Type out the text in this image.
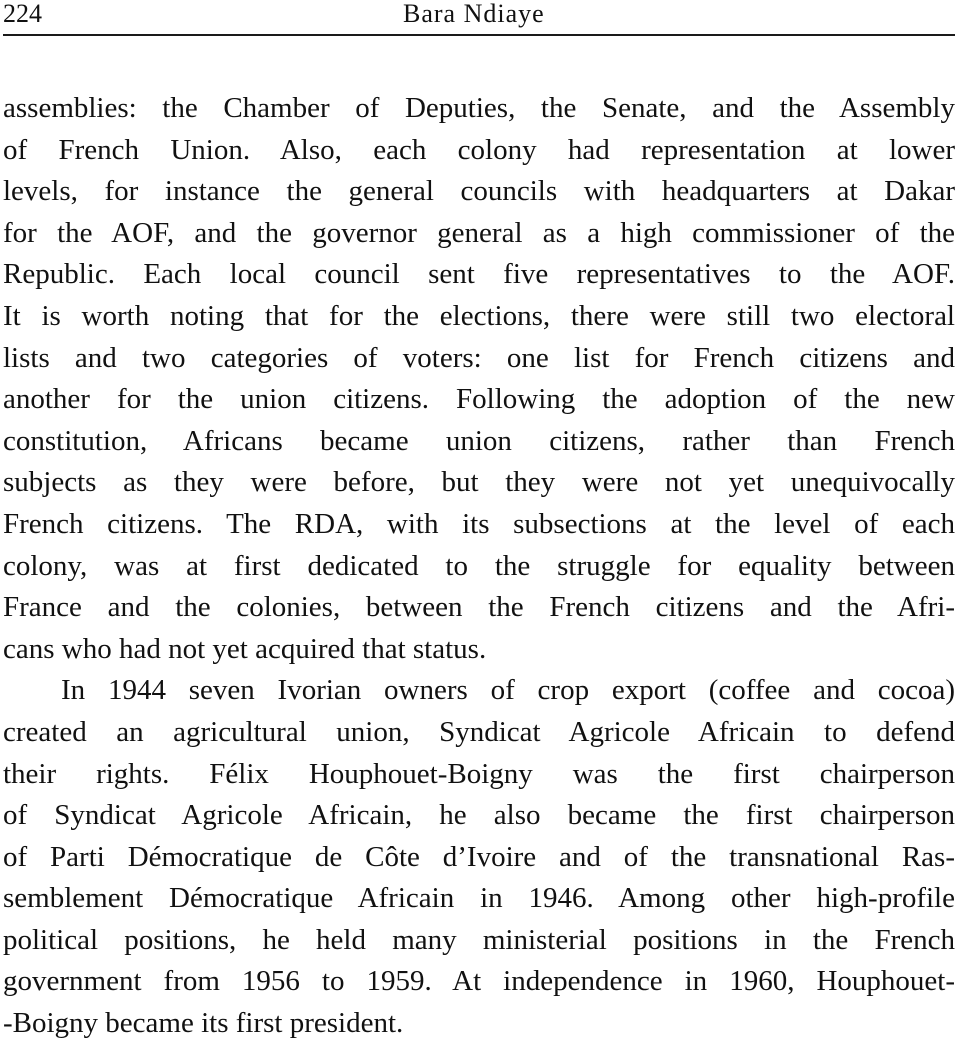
224	Bara Ndiaye
assemblies: the Chamber of Deputies, the Senate, and the Assembly
of French Union. Also, each colony had representation at lower
levels, for instance the general councils with headquarters at Dakar
for the AOF, and the governor general as a high commissioner of the
Republic. Each local council sent five representatives to the AOF.
It is worth noting that for the elections, there were still two electoral
lists and two categories of voters: one list for French citizens and
another for the union citizens. Following the adoption of the new
constitution, Africans became union citizens, rather than French
subjects as they were before, but they were not yet unequivocally
French citizens. The RDA, with its subsections at the level of each
colony, was at first dedicated to the struggle for equality between
France and the colonies, between the French citizens and the Afri-
cans who had not yet acquired that status.
In 1944 seven Ivorian owners of crop export (coffee and cocoa)
created an agricultural union, Syndicat Agricole Africain to defend
their rights. Félix Houphouet-Boigny was the first chairperson
of Syndicat Agricole Africain, he also became the first chairperson
of Parti Démocratique de Côte d’Ivoire and of the transnational Ras-
semblement Démocratique Africain in 1946. Among other high-profile
political positions, he held many ministerial positions in the French
government from 1956 to 1959. At independence in 1960, Houphouet-
-Boigny became its first president.
